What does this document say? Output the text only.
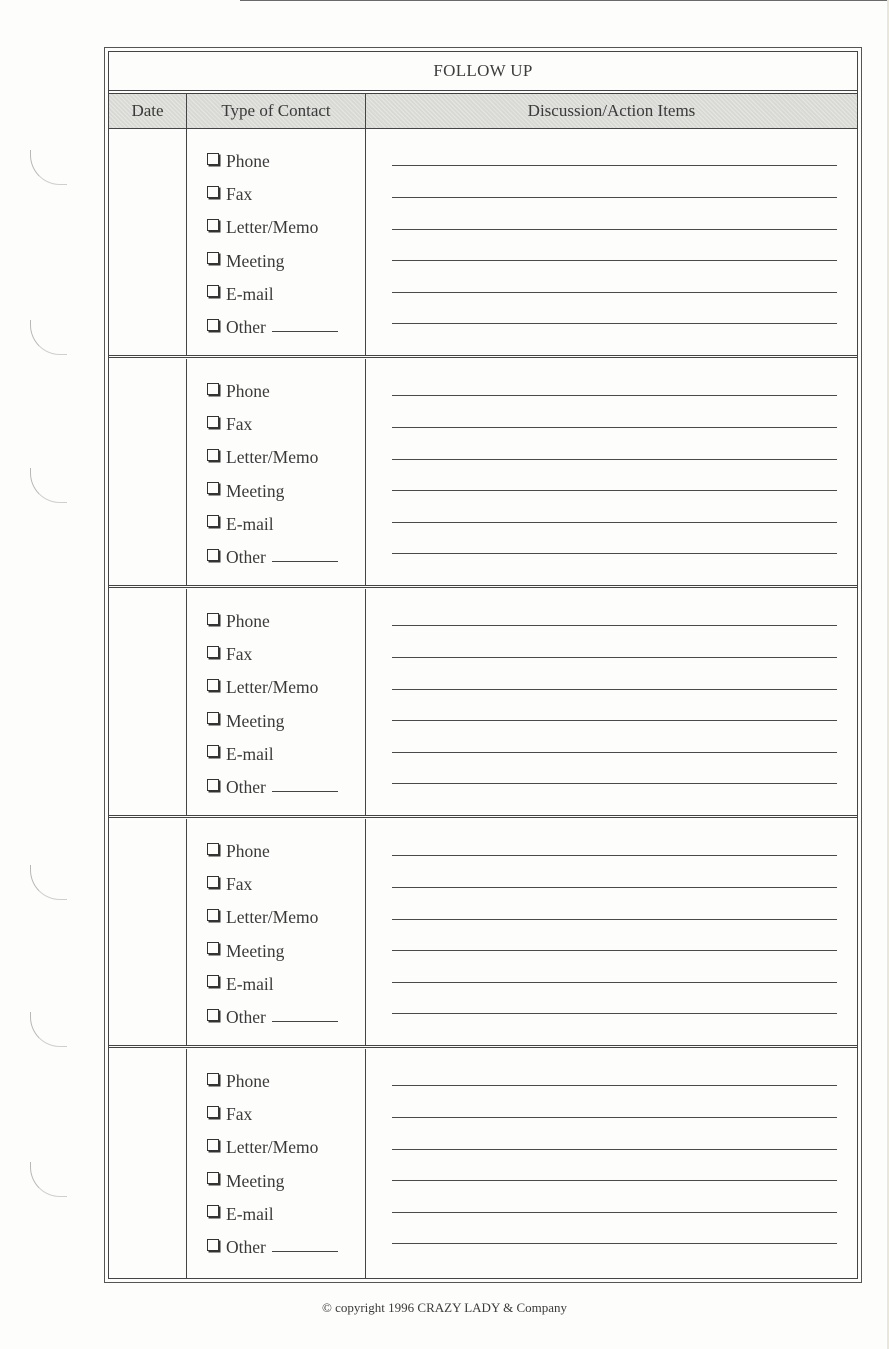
FOLLOW UP
Date	Type of Contact	Discussion/Action Items
Phone
Fax
Letter/Memo
Meeting
E-mail
Other
Phone
Fax
Letter/Memo
Meeting
E-mail
Other
Phone
Fax
Letter/Memo
Meeting
E-mail
Other
Phone
Fax
Letter/Memo
Meeting
E-mail
Other
Phone
Fax
Letter/Memo
Meeting
E-mail
Other
© copyright 1996 CRAZY LADY & Company
